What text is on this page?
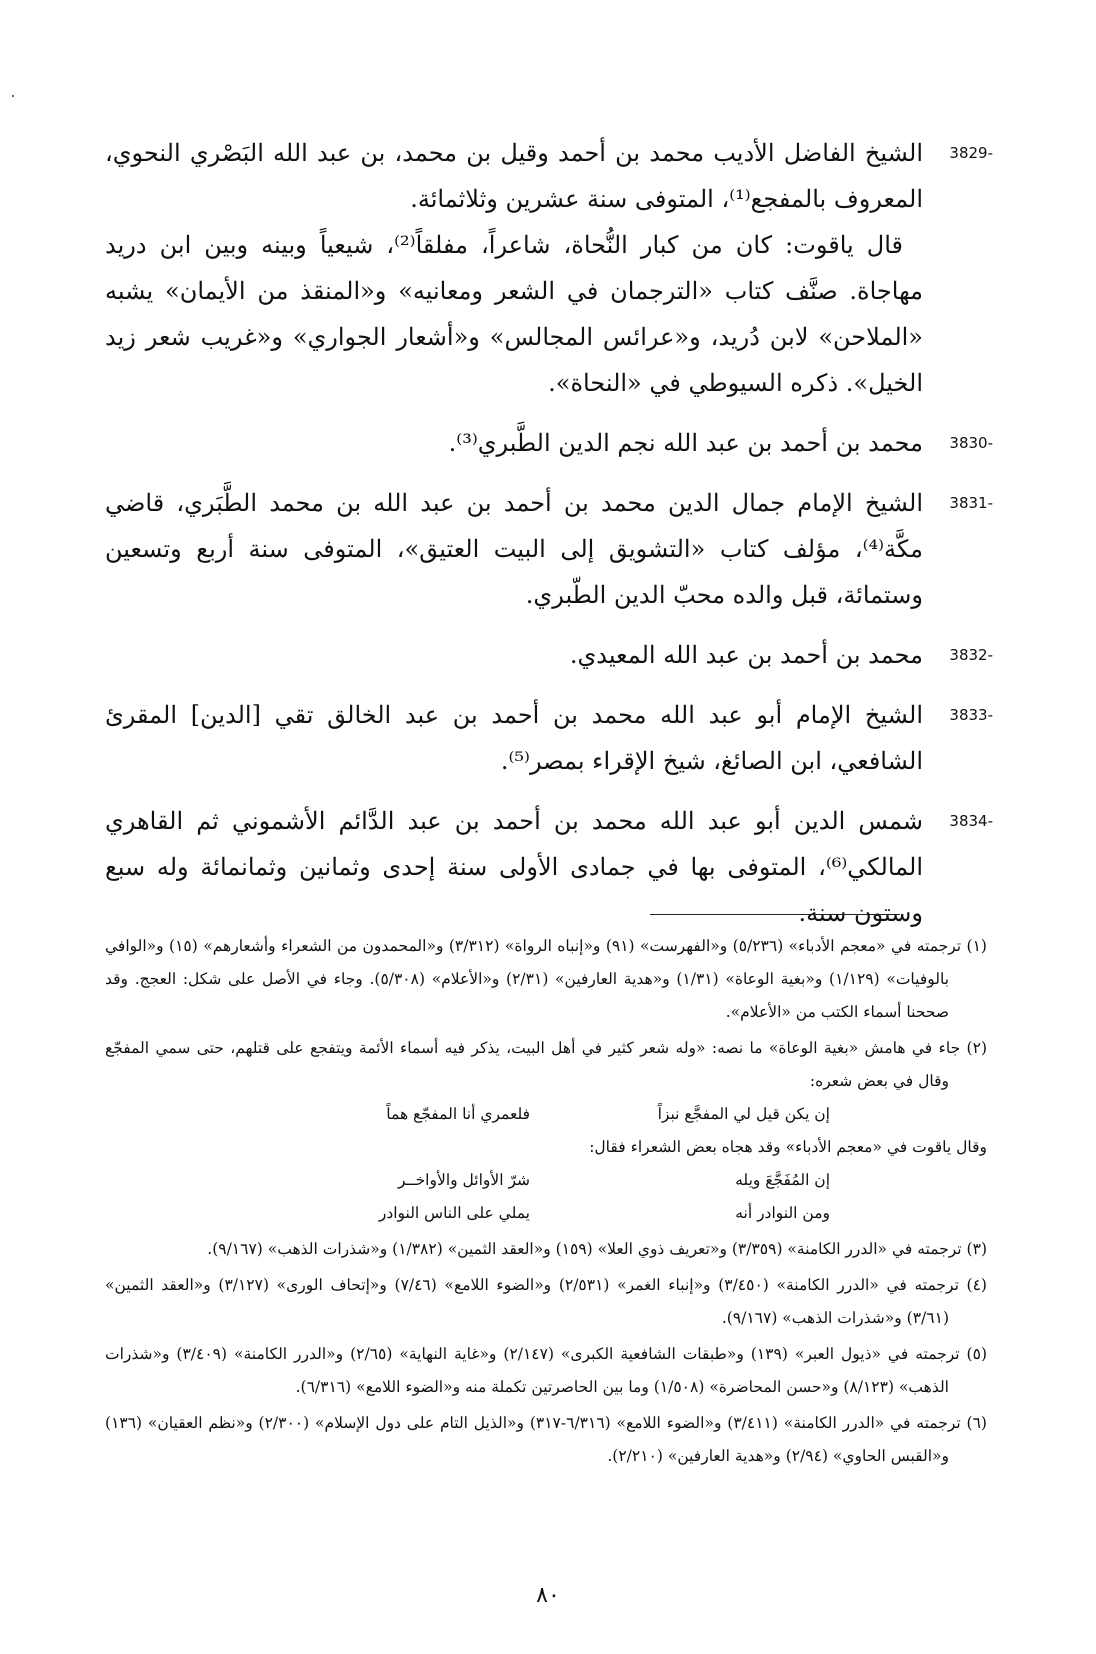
3829-

الشيخ الفاضل الأديب محمد بن أحمد وقيل بن محمد، بن عبد الله البَصْري النحوي، المعروف بالمفجع⁽¹⁾، المتوفى سنة عشرين وثلاثمائة.

قال ياقوت: كان من كبار النُّحاة، شاعراً، مفلقاً⁽²⁾، شيعياً وبينه وبين ابن دريد مهاجاة. صنَّف كتاب «الترجمان في الشعر ومعانيه» و«المنقذ من الأيمان» يشبه «الملاحن» لابن دُريد، و«عرائس المجالس» و«أشعار الجواري» و«غريب شعر زيد الخيل». ذكره السيوطي في «النحاة».

3830-

محمد بن أحمد بن عبد الله نجم الدين الطَّبري⁽³⁾.

3831-

الشيخ الإمام جمال الدين محمد بن أحمد بن عبد الله بن محمد الطَّبَري، قاضي مكَّة⁽⁴⁾، مؤلف كتاب «التشويق إلى البيت العتيق»، المتوفى سنة أربع وتسعين وستمائة، قبل والده محبّ الدين الطّبري.

3832-

محمد بن أحمد بن عبد الله المعيدي.

3833-

الشيخ الإمام أبو عبد الله محمد بن أحمد بن عبد الخالق تقي [الدين] المقرئ الشافعي، ابن الصائغ، شيخ الإقراء بمصر⁽⁵⁾.

3834-

شمس الدين أبو عبد الله محمد بن أحمد بن عبد الدَّائم الأشموني ثم القاهري المالكي⁽⁶⁾، المتوفى بها في جمادى الأولى سنة إحدى وثمانين وثمانمائة وله سبع وستون سنة.

(١) ترجمته في «معجم الأدباء» (٥/٢٣٦) و«الفهرست» (٩١) و«إنباه الرواة» (٣/٣١٢) و«المحمدون من الشعراء وأشعارهم» (١٥) و«الوافي بالوفيات» (١/١٢٩) و«بغية الوعاة» (١/٣١) و«هدية العارفين» (٢/٣١) و«الأعلام» (٥/٣٠٨). وجاء في الأصل على شكل: العجج. وقد صححنا أسماء الكتب من «الأعلام».

(٢) جاء في هامش «بغية الوعاة» ما نصه: «وله شعر كثير في أهل البيت، يذكر فيه أسماء الأئمة ويتفجع على قتلهم، حتى سمي المفجّع وقال في بعض شعره:

إن يكن قيل لي المفجَّع نبزاً
فلعمري أنا المفجّع هماً

وقال ياقوت في «معجم الأدباء» وقد هجاه بعض الشعراء فقال:

إن المُفَجَّعَ ويله
شرّ الأوائل والأواخــر
ومن النوادر أنه
يملي على الناس النوادر

(٣) ترجمته في «الدرر الكامنة» (٣/٣٥٩) و«تعريف ذوي العلا» (١٥٩) و«العقد الثمين» (١/٣٨٢) و«شذرات الذهب» (٩/١٦٧).

(٤) ترجمته في «الدرر الكامنة» (٣/٤٥٠) و«إنباء الغمر» (٢/٥٣١) و«الضوء اللامع» (٧/٤٦) و«إتحاف الورى» (٣/١٢٧) و«العقد الثمين» (٣/٦١) و«شذرات الذهب» (٩/١٦٧).

(٥) ترجمته في «ذيول العبر» (١٣٩) و«طبقات الشافعية الكبرى» (٢/١٤٧) و«غاية النهاية» (٢/٦٥) و«الدرر الكامنة» (٣/٤٠٩) و«شذرات الذهب» (٨/١٢٣) و«حسن المحاضرة» (١/٥٠٨) وما بين الحاصرتين تكملة منه و«الضوء اللامع» (٦/٣١٦).

(٦) ترجمته في «الدرر الكامنة» (٣/٤١١) و«الضوء اللامع» (٦/٣١٦-٣١٧) و«الذيل التام على دول الإسلام» (٢/٣٠٠) و«نظم العقيان» (١٣٦) و«القبس الحاوي» (٢/٩٤) و«هدية العارفين» (٢/٢١٠).

٨٠
